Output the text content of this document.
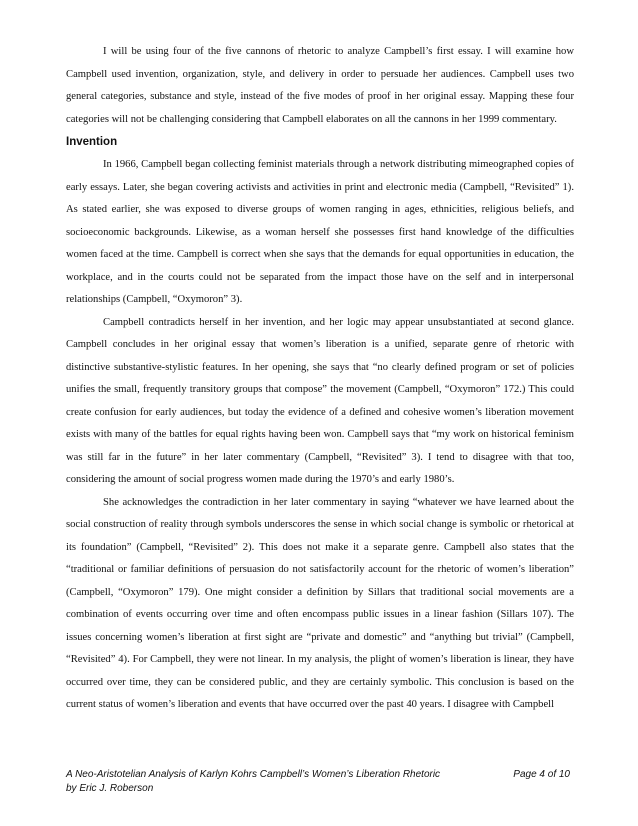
I will be using four of the five cannons of rhetoric to analyze Campbell’s first essay. I will examine how Campbell used invention, organization, style, and delivery in order to persuade her audiences. Campbell uses two general categories, substance and style, instead of the five modes of proof in her original essay. Mapping these four categories will not be challenging considering that Campbell elaborates on all the cannons in her 1999 commentary.

Invention

In 1966, Campbell began collecting feminist materials through a network distributing mimeographed copies of early essays. Later, she began covering activists and activities in print and electronic media (Campbell, “Revisited” 1). As stated earlier, she was exposed to diverse groups of women ranging in ages, ethnicities, religious beliefs, and socioeconomic backgrounds. Likewise, as a woman herself she possesses first hand knowledge of the difficulties women faced at the time. Campbell is correct when she says that the demands for equal opportunities in education, the workplace, and in the courts could not be separated from the impact those have on the self and in interpersonal relationships (Campbell, “Oxymoron” 3).

Campbell contradicts herself in her invention, and her logic may appear unsubstantiated at second glance. Campbell concludes in her original essay that women’s liberation is a unified, separate genre of rhetoric with distinctive substantive-stylistic features. In her opening, she says that “no clearly defined program or set of policies unifies the small, frequently transitory groups that compose” the movement (Campbell, “Oxymoron” 172.) This could create confusion for early audiences, but today the evidence of a defined and cohesive women’s liberation movement exists with many of the battles for equal rights having been won. Campbell says that “my work on historical feminism was still far in the future” in her later commentary (Campbell, “Revisited” 3). I tend to disagree with that too, considering the amount of social progress women made during the 1970’s and early 1980’s.

She acknowledges the contradiction in her later commentary in saying “whatever we have learned about the social construction of reality through symbols underscores the sense in which social change is symbolic or rhetorical at its foundation” (Campbell, “Revisited” 2). This does not make it a separate genre. Campbell also states that the “traditional or familiar definitions of persuasion do not satisfactorily account for the rhetoric of women’s liberation” (Campbell, “Oxymoron” 179). One might consider a definition by Sillars that traditional social movements are a combination of events occurring over time and often encompass public issues in a linear fashion (Sillars 107). The issues concerning women’s liberation at first sight are “private and domestic” and “anything but trivial” (Campbell, “Revisited” 4). For Campbell, they were not linear. In my analysis, the plight of women’s liberation is linear, they have occurred over time, they can be considered public, and they are certainly symbolic. This conclusion is based on the current status of women’s liberation and events that have occurred over the past 40 years. I disagree with Campbell

A Neo-Aristotelian Analysis of Karlyn Kohrs Campbell’s Women’s Liberation Rhetoric	Page 4 of 10
by Eric J. Roberson
